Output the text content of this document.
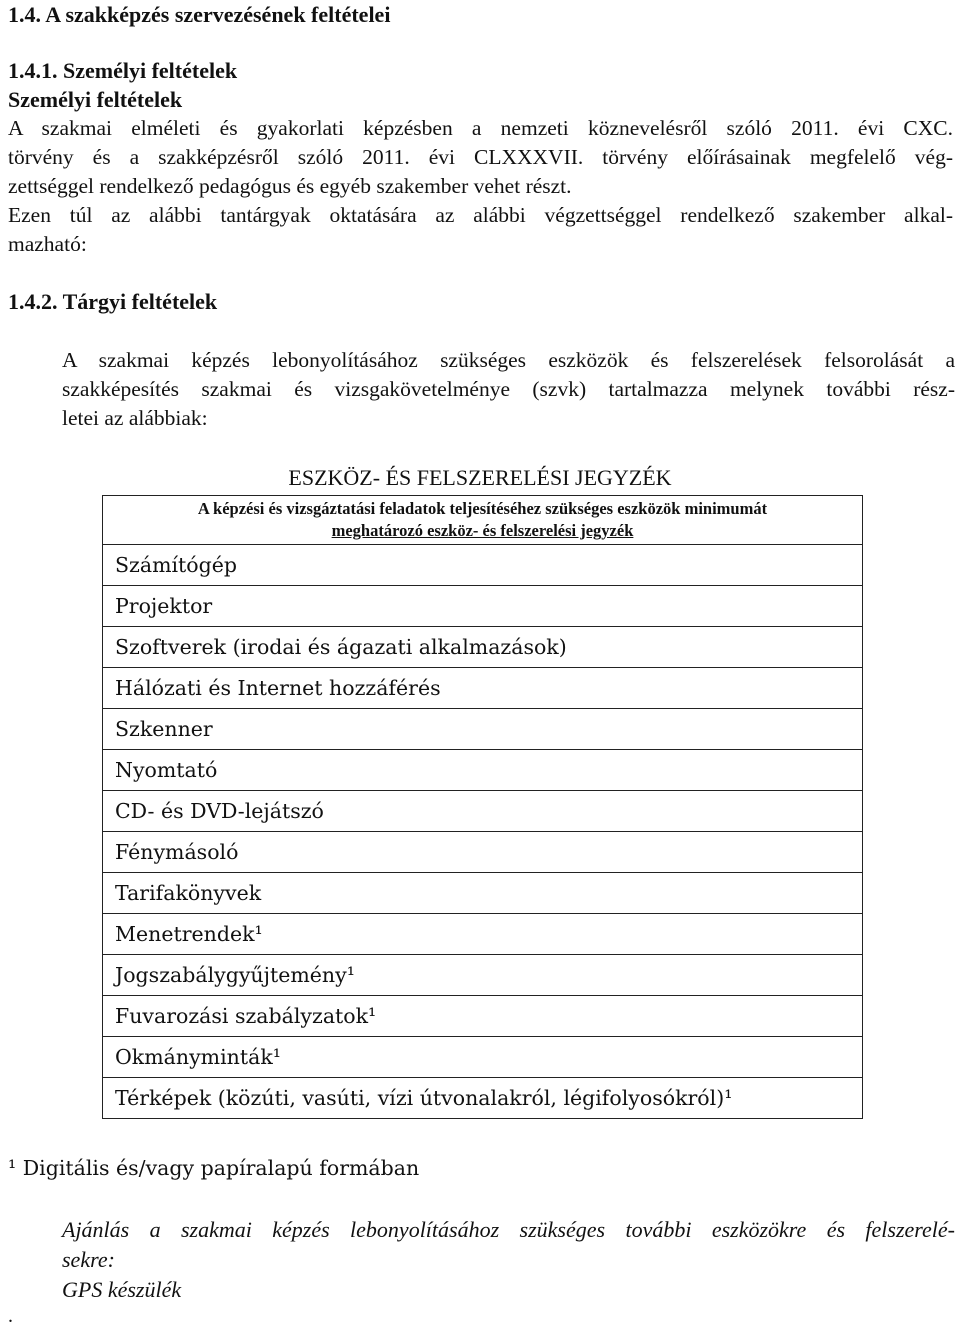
1.4. A szakképzés szervezésének feltételei
1.4.1. Személyi feltételek
Személyi feltételek
A szakmai elméleti és gyakorlati képzésben a nemzeti köznevelésről szóló 2011. évi CXC.
törvény és a szakképzésről szóló 2011. évi CLXXXVII. törvény előírásainak megfelelő vég-
zettséggel rendelkező pedagógus és egyéb szakember vehet részt.
Ezen túl az alábbi tantárgyak oktatására az alábbi végzettséggel rendelkező szakember alkal-
mazható:
1.4.2. Tárgyi feltételek
A szakmai képzés lebonyolításához szükséges eszközök és felszerelések felsorolását a
szakképesítés szakmai és vizsgakövetelménye (szvk) tartalmazza melynek további rész-
letei az alábbiak:
ESZKÖZ- ÉS FELSZERELÉSI JEGYZÉK
A képzési és vizsgáztatási feladatok teljesítéséhez szükséges eszközök minimumát
meghatározó eszköz- és felszerelési jegyzék

Számítógép
Projektor
Szoftverek (irodai és ágazati alkalmazások)
Hálózati és Internet hozzáférés
Szkenner
Nyomtató
CD- és DVD-lejátszó
Fénymásoló
Tarifakönyvek
Menetrendek¹
Jogszabálygyűjtemény¹
Fuvarozási szabályzatok¹
Okmányminták¹
Térképek (közúti, vasúti, vízi útvonalakról, légifolyosókról)¹
¹ Digitális és/vagy papíralapú formában
Ajánlás a szakmai képzés lebonyolításához szükséges további eszközökre és felszerelé-
sekre:
GPS készülék
.
